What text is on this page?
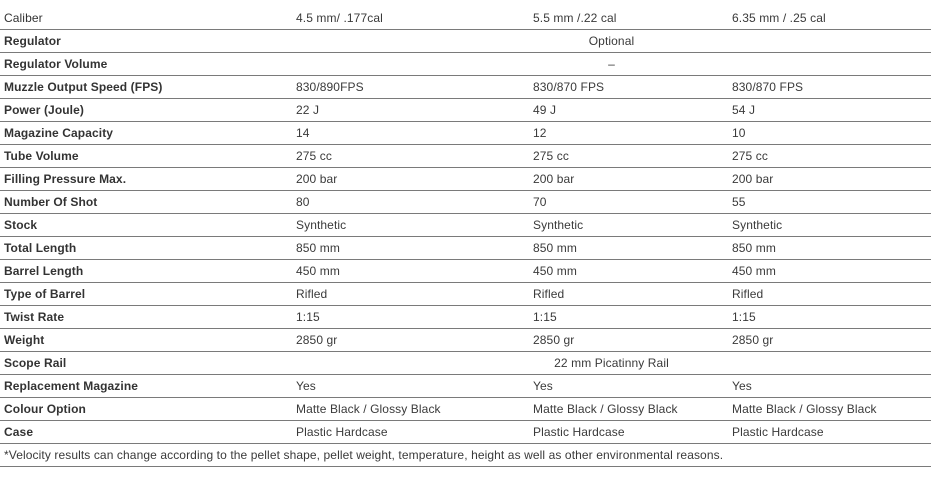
Caliber	4.5 mm/ .177cal	5.5 mm /.22 cal	6.35 mm / .25 cal
Regulator	Optional		
Regulator Volume	–		
Muzzle Output Speed (FPS)	830/890FPS	830/870 FPS	830/870 FPS
Power (Joule)	22 J	49 J	54 J
Magazine Capacity	14	12	10
Tube Volume	275 cc	275 cc	275 cc
Filling Pressure Max.	200 bar	200 bar	200 bar
Number Of Shot	80	70	55
Stock	Synthetic	Synthetic	Synthetic
Total Length	850 mm	850 mm	850 mm
Barrel Length	450 mm	450 mm	450 mm
Type of Barrel	Rifled	Rifled	Rifled
Twist Rate	1:15	1:15	1:15
Weight	2850 gr	2850 gr	2850 gr
Scope Rail	22 mm Picatinny Rail		
Replacement Magazine	Yes	Yes	Yes
Colour Option	Matte Black / Glossy Black	Matte Black / Glossy Black	Matte Black / Glossy Black
Case	Plastic Hardcase	Plastic Hardcase	Plastic Hardcase
*Velocity results can change according to the pellet shape, pellet weight, temperature, height as well as other environmental reasons.			
